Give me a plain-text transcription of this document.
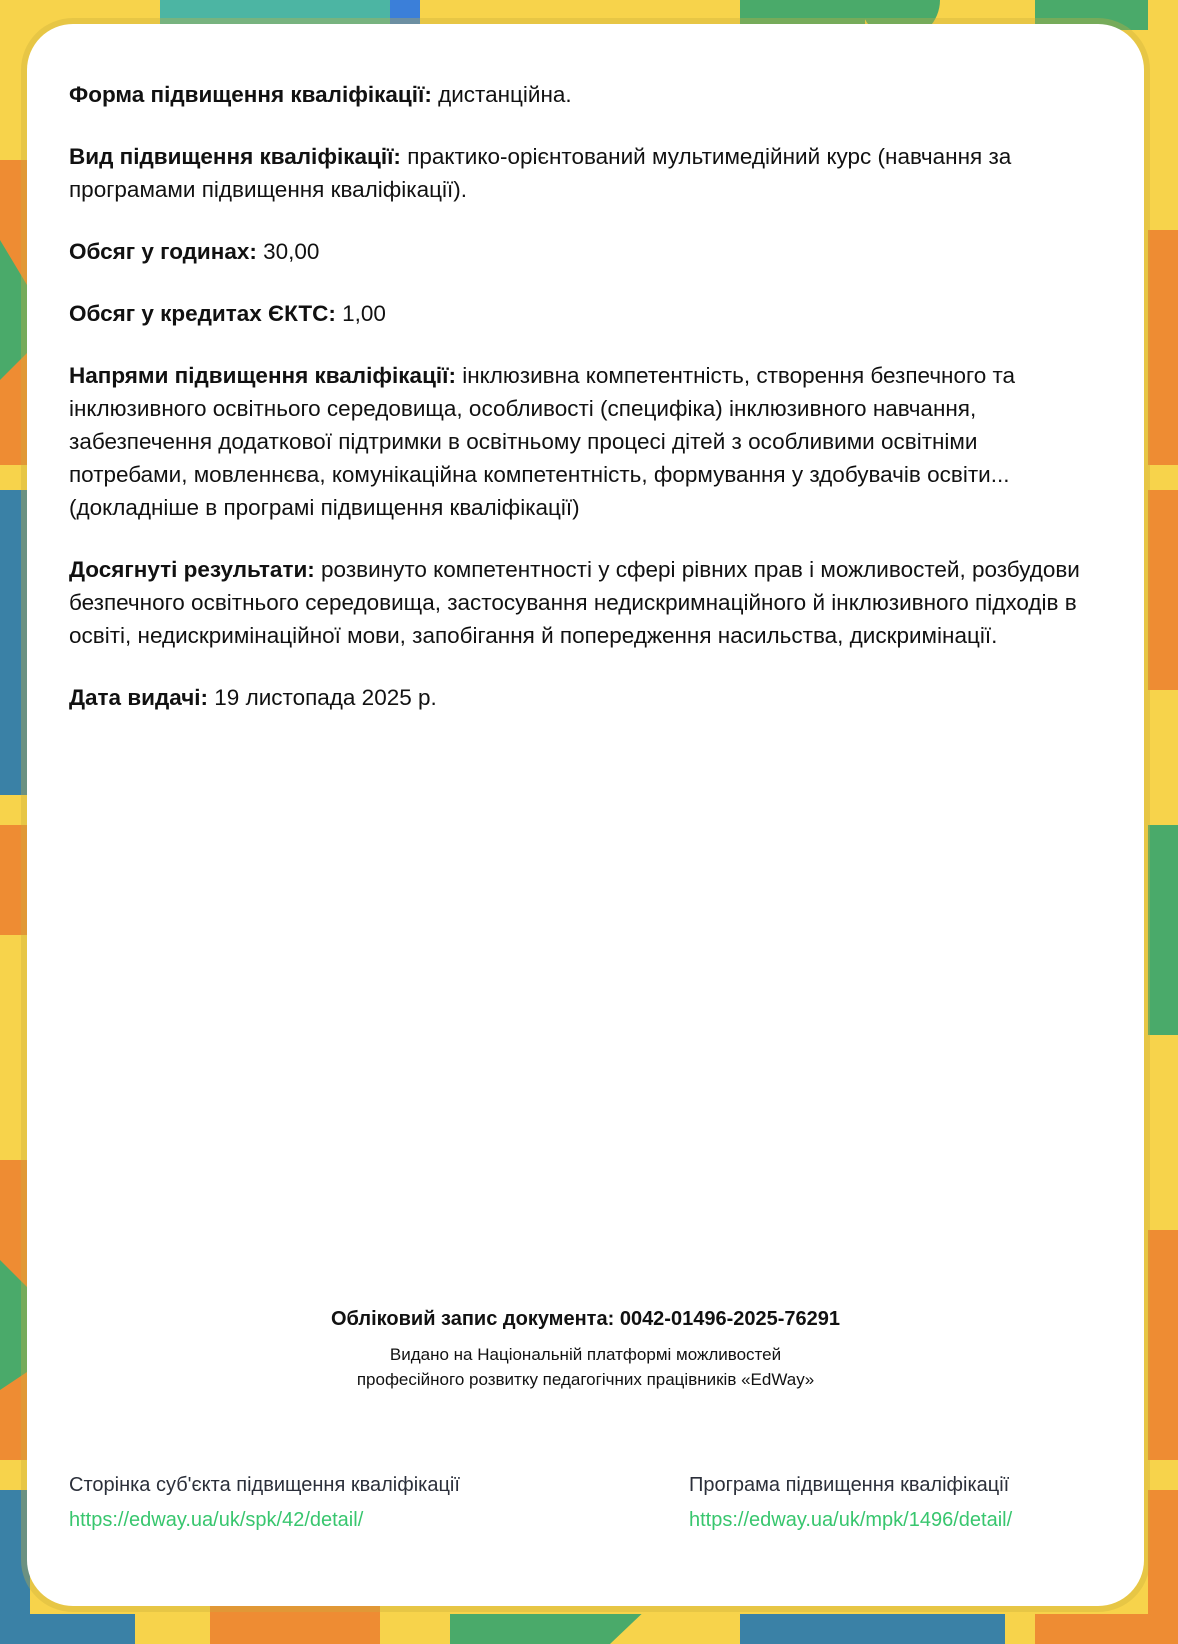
Форма підвищення кваліфікації: дистанційна.

Вид підвищення кваліфікації: практико-орієнтований мультимедійний курс (навчання за програмами підвищення кваліфікації).

Обсяг у годинах: 30,00

Обсяг у кредитах ЄКТС: 1,00

Напрями підвищення кваліфікації: інклюзивна компетентність, створення безпечного та інклюзивного освітнього середовища, особливості (специфіка) інклюзивного навчання, забезпечення додаткової підтримки в освітньому процесі дітей з особливими освітніми потребами, мовленнєва, комунікаційна компетентність, формування у здобувачів освіти... (докладніше в програмі підвищення кваліфікації)

Досягнуті результати: розвинуто компетентності у сфері рівних прав і можливостей, розбудови безпечного освітнього середовища, застосування недискримнаційного й інклюзивного підходів в освіті, недискримінаційної мови, запобігання й попередження насильства, дискримінації.

Дата видачі: 19 листопада 2025 р.

Обліковий запис документа: 0042-01496-2025-76291
Видано на Національній платформі можливостей
професійного розвитку педагогічних працівників «EdWay»
Сторінка суб'єкта підвищення кваліфікації
https://edway.ua/uk/spk/42/detail/
Програма підвищення кваліфікації
https://edway.ua/uk/mpk/1496/detail/
